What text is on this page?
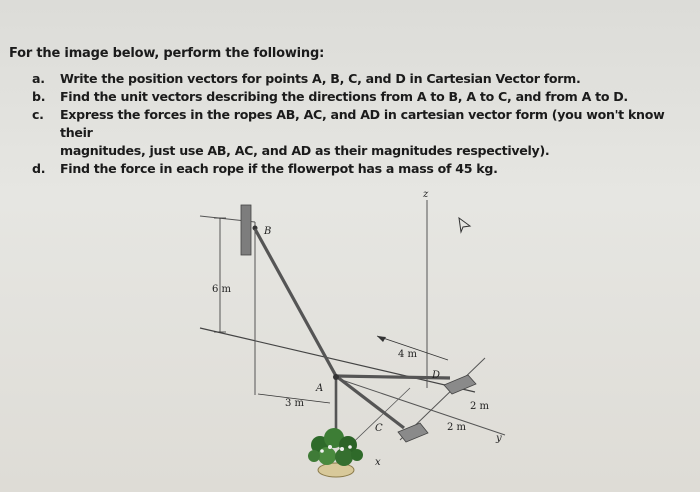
For the image below, perform the following:
a.	Write the position vectors for points A, B, C, and D in Cartesian Vector form.
b.	Find the unit vectors describing the directions from A to B, A to C, and from A to D.
c.	Express the forces in the ropes AB, AC, and AD in cartesian vector form (you won't know their
magnitudes, just use AB, AC, and AD as their magnitudes respectively).
d.	Find the force in each rope if the flowerpot has a mass of 45 kg.
z
x
y
B
A
C
D
6 m
4 m
3 m	2 m
2 m
